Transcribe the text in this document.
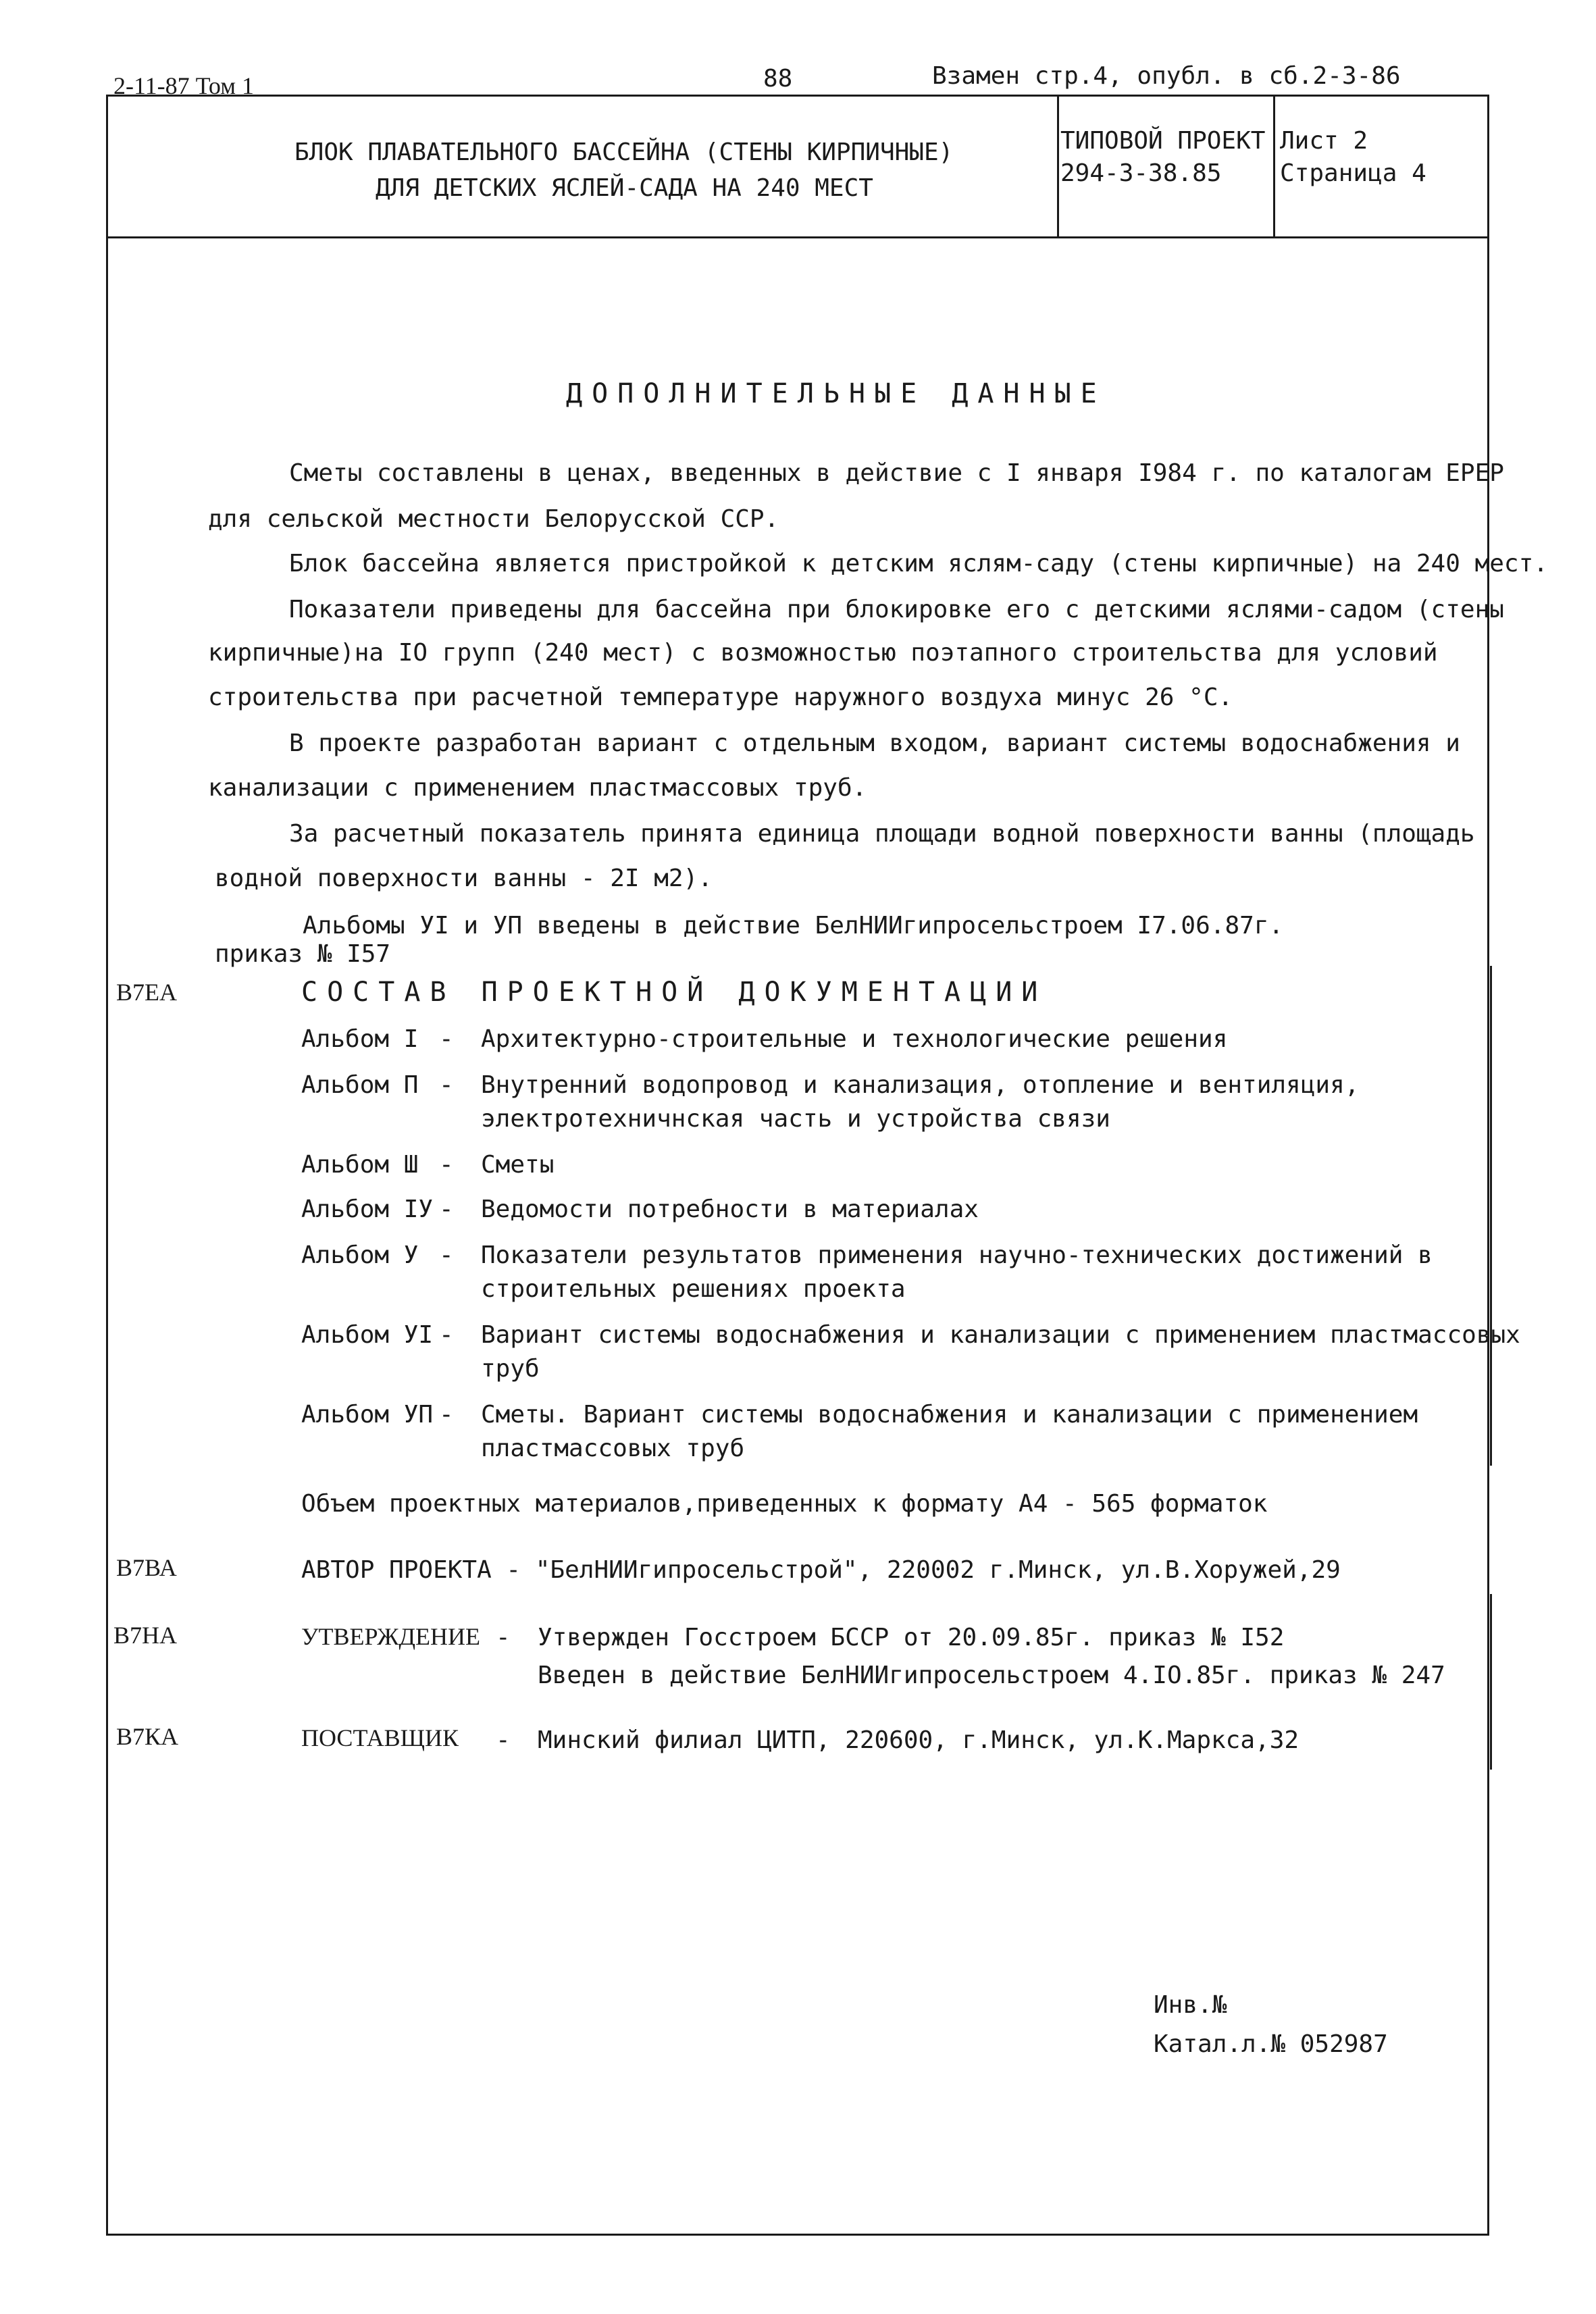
2-11-87 Том 1	88	Взамен стр.4, опубл. в сб.2-3-86
БЛОК ПЛАВАТЕЛЬНОГО БАССЕЙНА (СТЕНЫ КИРПИЧНЫЕ)
ДЛЯ ДЕТСКИХ ЯСЛЕЙ-САДА НА 240 МЕСТ
ТИПОВОЙ ПРОЕКТ
294-3-38.85
Лист 2
Страница 4
ДОПОЛНИТЕЛЬНЫЕ ДАННЫЕ
Сметы составлены в ценах, введенных в действие с I января I984 г. по каталогам ЕРЕР
для сельской местности Белорусской ССР.
Блок бассейна является пристройкой к детским яслям-саду (стены кирпичные) на 240 мест.
Показатели приведены для бассейна при блокировке его с детскими яслями-садом (стены
кирпичные)на IO групп (240 мест) с возможностью поэтапного строительства для условий
строительства при расчетной температуре наружного воздуха минус 26 °С.
В проекте разработан вариант с отдельным входом, вариант системы водоснабжения и
канализации с применением пластмассовых труб.
За расчетный показатель принята единица площади водной поверхности ванны (площадь
водной поверхности ванны - 2I м2).
Альбомы УI и УП введены в действие БелНИИгипросельстроем I7.06.87г.
приказ № I57
В7ЕА	СОСТАВ ПРОЕКТНОЙ ДОКУМЕНТАЦИИ
Альбом I - Архитектурно-строительные и технологические решения
Альбом П - Внутренний водопровод и канализация, отопление и вентиляция,
электротехничнская часть и устройства связи
Альбом Ш - Сметы
Альбом IУ - Ведомости потребности в материалах
Альбом У - Показатели результатов применения научно-технических достижений в
строительных решениях проекта
Альбом УI - Вариант системы водоснабжения и канализации с применением пластмассовых
труб
Альбом УП - Сметы. Вариант системы водоснабжения и канализации с применением
пластмассовых труб
Объем проектных материалов,приведенных к формату А4 - 565 форматок
В7ВА	АВТОР ПРОЕКТА - "БелНИИгипросельстрой", 220002 г.Минск, ул.В.Хоружей,29
В7НА	УТВЕРЖДЕНИЕ - Утвержден Госстроем БССР от 20.09.85г. приказ № I52
Введен в действие БелНИИгипросельстроем 4.IO.85г. приказ № 247
В7КА	ПОСТАВЩИК - Минский филиал ЦИТП, 220600, г.Минск, ул.К.Маркса,32
Инв.№
Катал.л.№ 052987
